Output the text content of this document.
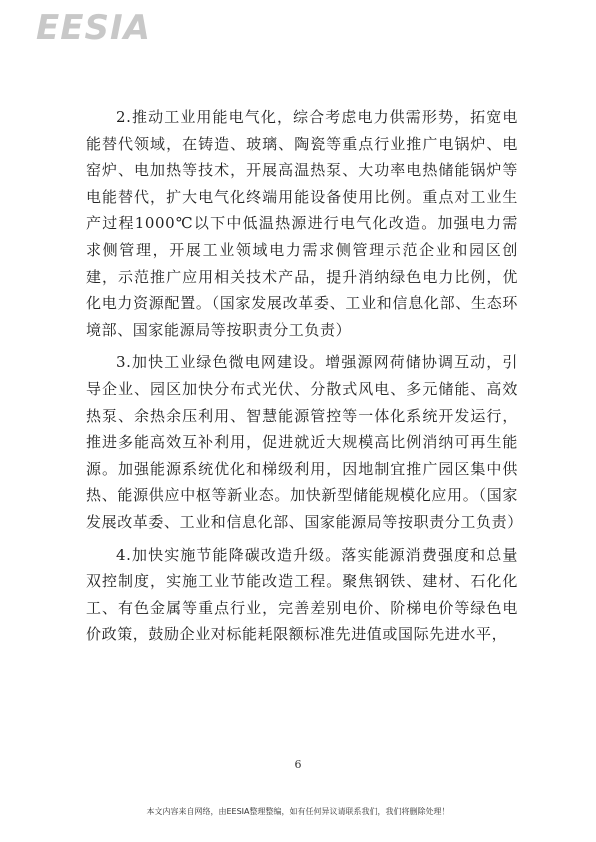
EESIA

2.推动工业用能电气化，综合考虑电力供需形势，拓宽电能替代领域，在铸造、玻璃、陶瓷等重点行业推广电锅炉、电窑炉、电加热等技术，开展高温热泵、大功率电热储能锅炉等电能替代，扩大电气化终端用能设备使用比例。重点对工业生产过程1000℃以下中低温热源进行电气化改造。加强电力需求侧管理，开展工业领域电力需求侧管理示范企业和园区创建，示范推广应用相关技术产品，提升消纳绿色电力比例，优化电力资源配置。（国家发展改革委、工业和信息化部、生态环境部、国家能源局等按职责分工负责）

3.加快工业绿色微电网建设。增强源网荷储协调互动，引导企业、园区加快分布式光伏、分散式风电、多元储能、高效热泵、余热余压利用、智慧能源管控等一体化系统开发运行，推进多能高效互补利用，促进就近大规模高比例消纳可再生能源。加强能源系统优化和梯级利用，因地制宜推广园区集中供热、能源供应中枢等新业态。加快新型储能规模化应用。（国家发展改革委、工业和信息化部、国家能源局等按职责分工负责）

4.加快实施节能降碳改造升级。落实能源消费强度和总量双控制度，实施工业节能改造工程。聚焦钢铁、建材、石化化工、有色金属等重点行业，完善差别电价、阶梯电价等绿色电价政策，鼓励企业对标能耗限额标准先进值或国际先进水平，

6
本文内容来自网络，由EESIA整理整编，如有任何异议请联系我们，我们将删除处理！
